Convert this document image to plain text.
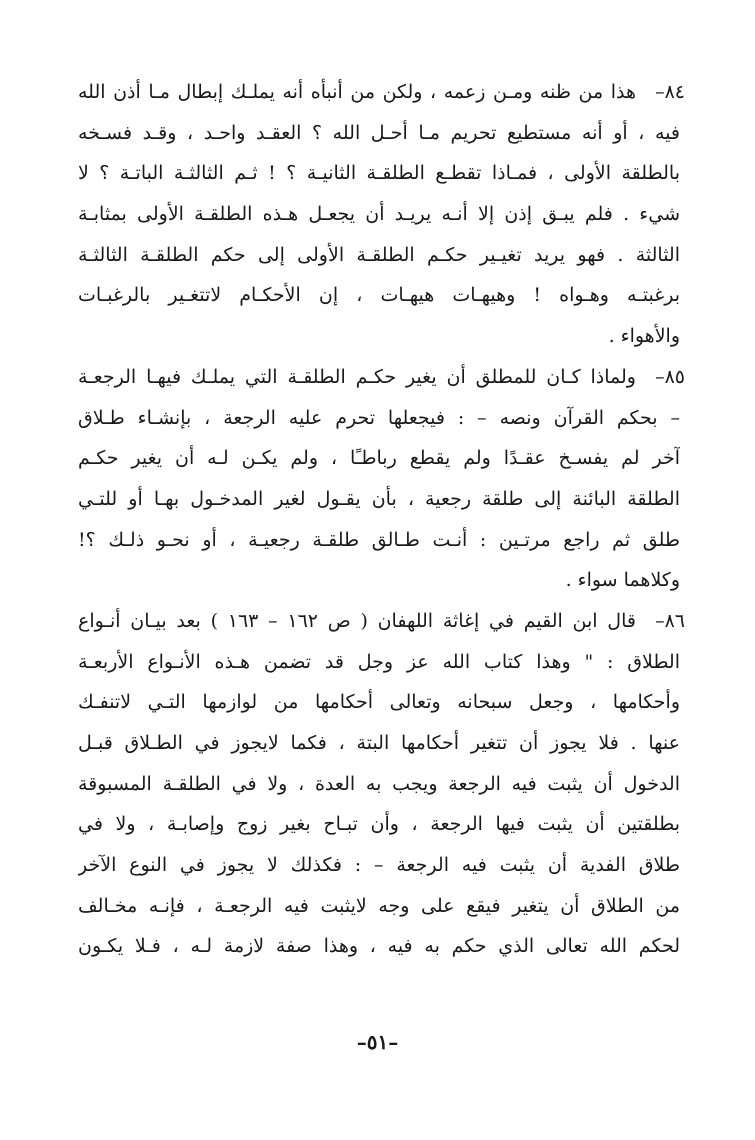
٨٤–
هذا من ظنه ومـن زعمه ، ولكن من أنبأه أنه يملـك إبطال مـا أذن الله
فيه ، أو أنه مستطيع تحريم مـا أحـل الله ؟ العقـد واحـد ، وقـد فسـخه
بالطلقة الأولى ، فمـاذا تقطـع الطلقـة الثانيـة ؟ ! ثـم الثالثـة الباتـة ؟ لا
شيء . فلم يبـق إذن إلا أنـه يريـد أن يجعـل هـذه الطلقـة الأولى بمثابـة
الثالثة . فهو يريد تغيـير حكـم الطلقـة الأولى إلى حكم الطلقـة الثالثـة
برغبتـه وهـواه ! وهيهـات هيهـات ، إن الأحكـام لاتتغـير بالرغبـات
والأهواء .
٨٥–
ولماذا كـان للمطلق أن يغير حكـم الطلقـة التي يملـك فيهـا الرجعـة
– بحكم القرآن ونصه – : فيجعلها تحرم عليه الرجعة ، بإنشـاء طـلاق
آخر لم يفسـخ عقـدًا ولم يقطع رباطـًا ، ولم يكـن لـه أن يغير حكـم
الطلقة البائنة إلى طلقة رجعية ، بأن يقـول لغير المدخـول بهـا أو للتـي
طلق ثم راجع مرتـين : أنـت طـالق طلقـة رجعيـة ، أو نحـو ذلـك ؟!
وكلاهما سواء .
٨٦–
قال ابن القيم في إغاثة اللهفان ( ص ١٦٢ – ١٦٣ ) بعد بيـان أنـواع
الطلاق : " وهذا كتاب الله عز وجل قد تضمن هـذه الأنـواع الأربعـة
وأحكامها ، وجعل سبحانه وتعالى أحكامها من لوازمها التـي لاتنفـك
عنها . فلا يجوز أن تتغير أحكامها البتة ، فكما لايجوز في الطـلاق قبـل
الدخول أن يثبت فيه الرجعة ويجب به العدة ، ولا في الطلقـة المسبوقة
بطلقتين أن يثبت فيها الرجعة ، وأن تبـاح بغير زوج وإصابـة ، ولا في
طلاق الفدية أن يثبت فيه الرجعة – : فكذلك لا يجوز في النوع الآخر
من الطلاق أن يتغير فيقع على وجه لايثبت فيه الرجعـة ، فإنـه مخـالف
لحكم الله تعالى الذي حكم به فيه ، وهذا صفة لازمة لـه ، فـلا يكـون
–٥١–
